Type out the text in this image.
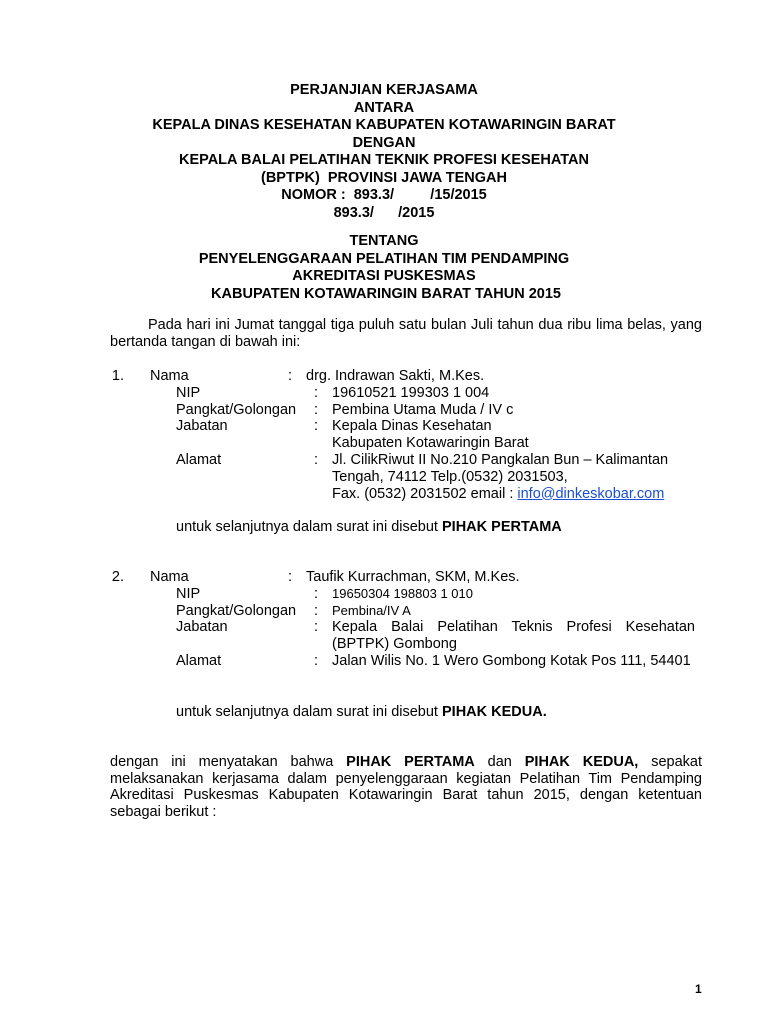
PERJANJIAN KERJASAMA
ANTARA
KEPALA DINAS KESEHATAN KABUPATEN KOTAWARINGIN BARAT
DENGAN
KEPALA BALAI PELATIHAN TEKNIK PROFESI KESEHATAN
(BPTPK)  PROVINSI JAWA TENGAH
NOMOR :  893.3/         /15/2015
893.3/      /2015
TENTANG
PENYELENGGARAAN PELATIHAN TIM PENDAMPING
AKREDITASI PUSKESMAS
KABUPATEN KOTAWARINGIN BARAT TAHUN 2015
Pada hari ini Jumat tanggal tiga puluh satu bulan Juli tahun dua ribu lima belas, yang bertanda tangan di bawah ini:
1.	Nama	: drg. Indrawan Sakti, M.Kes.
NIP	: 19610521 199303 1 004
Pangkat/Golongan	: Pembina Utama Muda / IV c
Jabatan	: Kepala Dinas Kesehatan
Kabupaten Kotawaringin Barat
Alamat	: Jl. CilikRiwut II No.210 Pangkalan Bun – Kalimantan Tengah, 74112 Telp.(0532) 2031503,
Fax. (0532) 2031502 email : info@dinkeskobar.com
untuk selanjutnya dalam surat ini disebut PIHAK PERTAMA
2.	Nama	: Taufik Kurrachman, SKM, M.Kes.
NIP	:	19650304 198803 1 010
Pangkat/Golongan	:	Pembina/IV A
Jabatan	: Kepala Balai Pelatihan Teknis Profesi Kesehatan (BPTPK) Gombong
Alamat	: Jalan Wilis No. 1 Wero Gombong Kotak Pos 111, 54401
untuk selanjutnya dalam surat ini disebut PIHAK KEDUA.
dengan ini menyatakan bahwa PIHAK PERTAMA dan PIHAK KEDUA, sepakat melaksanakan kerjasama dalam penyelenggaraan kegiatan Pelatihan Tim Pendamping Akreditasi Puskesmas Kabupaten Kotawaringin Barat tahun 2015, dengan ketentuan sebagai berikut :
1
